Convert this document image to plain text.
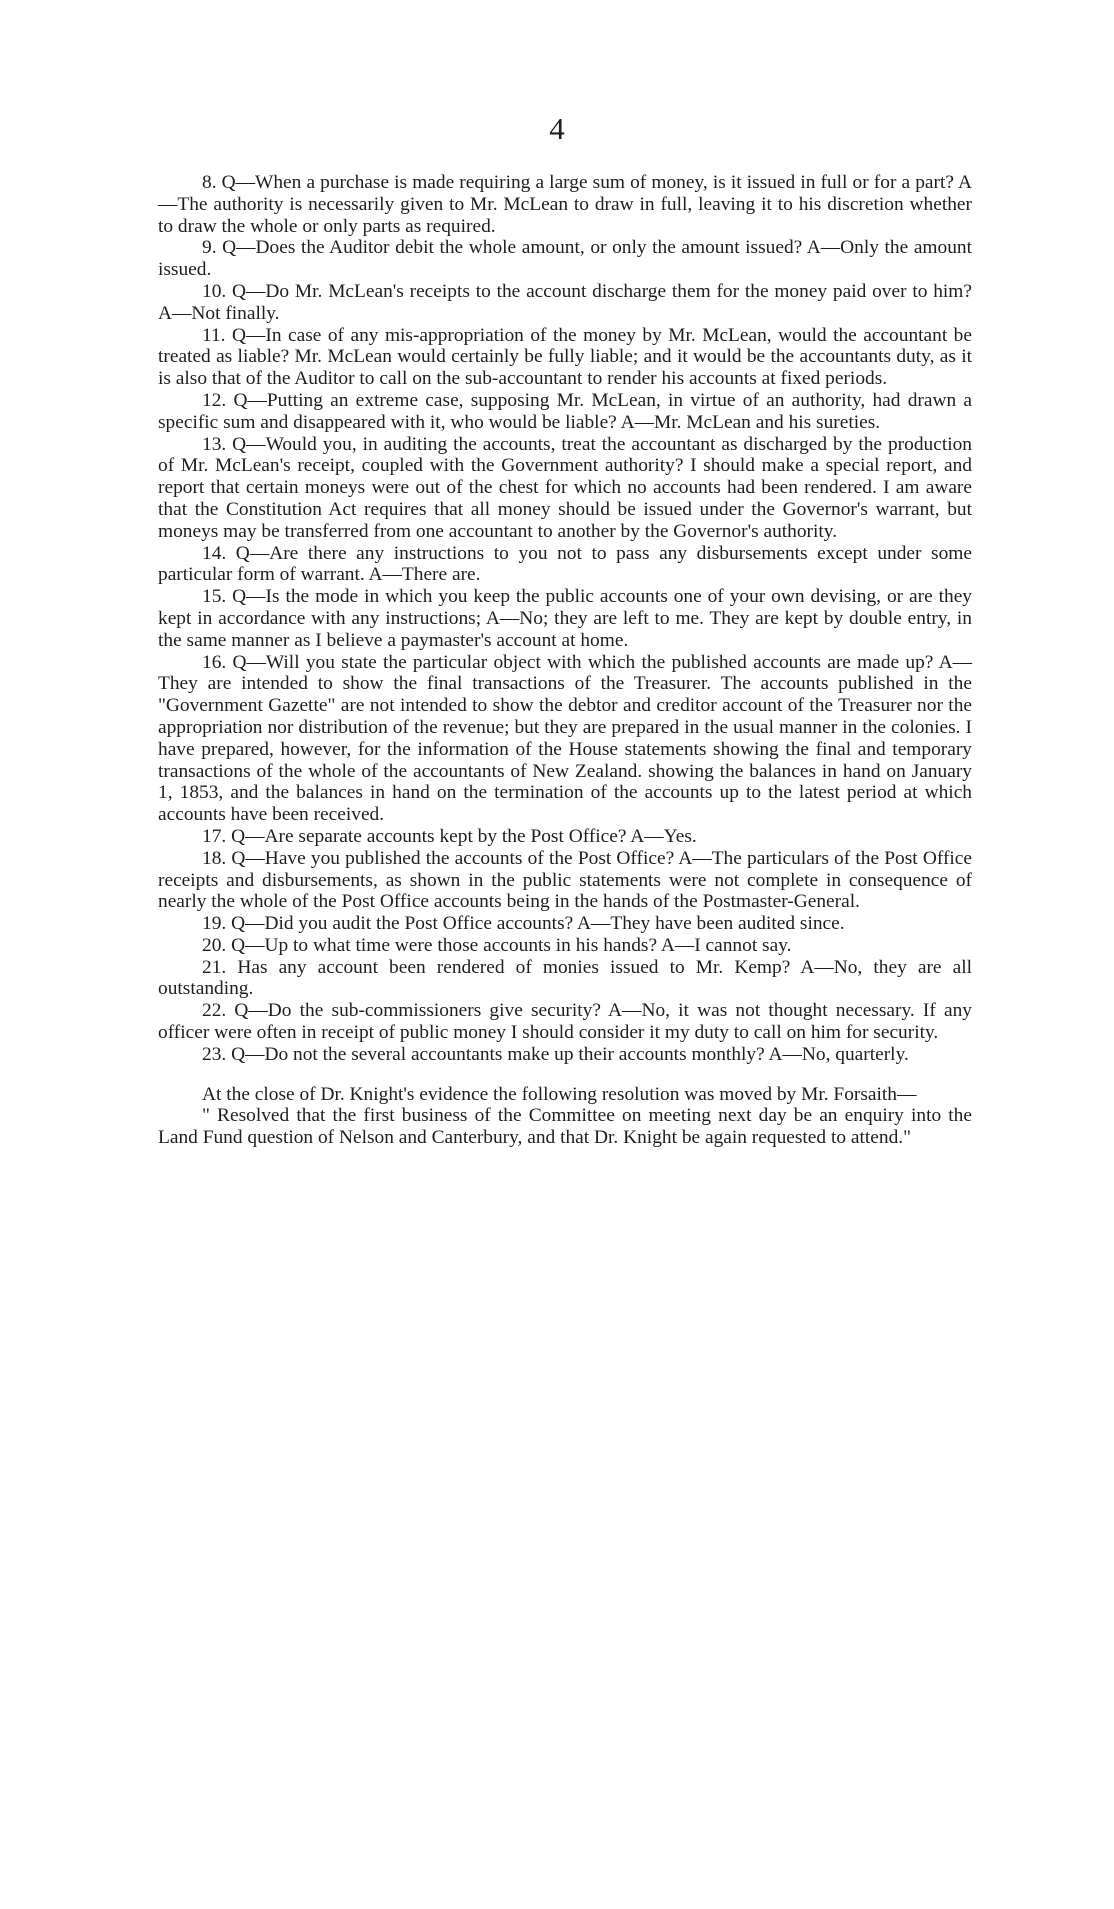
4

8. Q—When a purchase is made requiring a large sum of money, is it issued in full or for a part? A—The authority is necessarily given to Mr. McLean to draw in full, leaving it to his discretion whether to draw the whole or only parts as required.

9. Q—Does the Auditor debit the whole amount, or only the amount issued? A—Only the amount issued.

10. Q—Do Mr. McLean's receipts to the account discharge them for the money paid over to him? A—Not finally.

11. Q—In case of any mis-appropriation of the money by Mr. McLean, would the accountant be treated as liable? Mr. McLean would certainly be fully liable; and it would be the accountants duty, as it is also that of the Auditor to call on the sub-accountant to render his accounts at fixed periods.

12. Q—Putting an extreme case, supposing Mr. McLean, in virtue of an authority, had drawn a specific sum and disappeared with it, who would be liable? A—Mr. McLean and his sureties.

13. Q—Would you, in auditing the accounts, treat the accountant as discharged by the production of Mr. McLean's receipt, coupled with the Government authority? I should make a special report, and report that certain moneys were out of the chest for which no accounts had been rendered. I am aware that the Constitution Act requires that all money should be issued under the Governor's warrant, but moneys may be transferred from one accountant to another by the Governor's authority.

14. Q—Are there any instructions to you not to pass any disbursements except under some particular form of warrant. A—There are.

15. Q—Is the mode in which you keep the public accounts one of your own devising, or are they kept in accordance with any instructions; A—No; they are left to me. They are kept by double entry, in the same manner as I believe a paymaster's account at home.

16. Q—Will you state the particular object with which the published accounts are made up? A—They are intended to show the final transactions of the Treasurer. The accounts published in the "Government Gazette" are not intended to show the debtor and creditor account of the Treasurer nor the appropriation nor distribution of the revenue; but they are prepared in the usual manner in the colonies. I have prepared, however, for the information of the House statements showing the final and temporary transactions of the whole of the accountants of New Zealand. showing the balances in hand on January 1, 1853, and the balances in hand on the termination of the accounts up to the latest period at which accounts have been received.

17. Q—Are separate accounts kept by the Post Office? A—Yes.

18. Q—Have you published the accounts of the Post Office? A—The particulars of the Post Office receipts and disbursements, as shown in the public statements were not complete in consequence of nearly the whole of the Post Office accounts being in the hands of the Postmaster-General.

19. Q—Did you audit the Post Office accounts? A—They have been audited since.

20. Q—Up to what time were those accounts in his hands? A—I cannot say.

21. Has any account been rendered of monies issued to Mr. Kemp? A—No, they are all outstanding.

22. Q—Do the sub-commissioners give security? A—No, it was not thought necessary. If any officer were often in receipt of public money I should consider it my duty to call on him for security.

23. Q—Do not the several accountants make up their accounts monthly? A—No, quarterly.

At the close of Dr. Knight's evidence the following resolution was moved by Mr. Forsaith—

" Resolved that the first business of the Committee on meeting next day be an enquiry into the Land Fund question of Nelson and Canterbury, and that Dr. Knight be again requested to attend."
